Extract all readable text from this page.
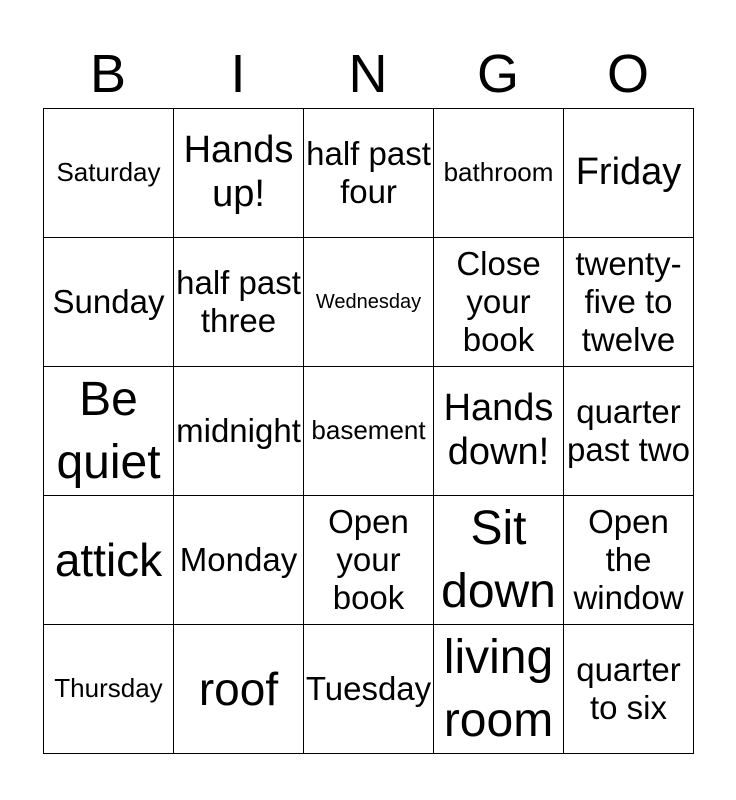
B	I	N	G	O
Saturday	Hands up!	half past four	bathroom	Friday

Sunday	half past three	Wednesday	Close your book	twenty-five to twelve

Be quiet	midnight	basement	Hands down!	quarter past two

attick	Monday	Open your book	Sit down	Open the window

Thursday	roof	Tuesday	living room	quarter to six
